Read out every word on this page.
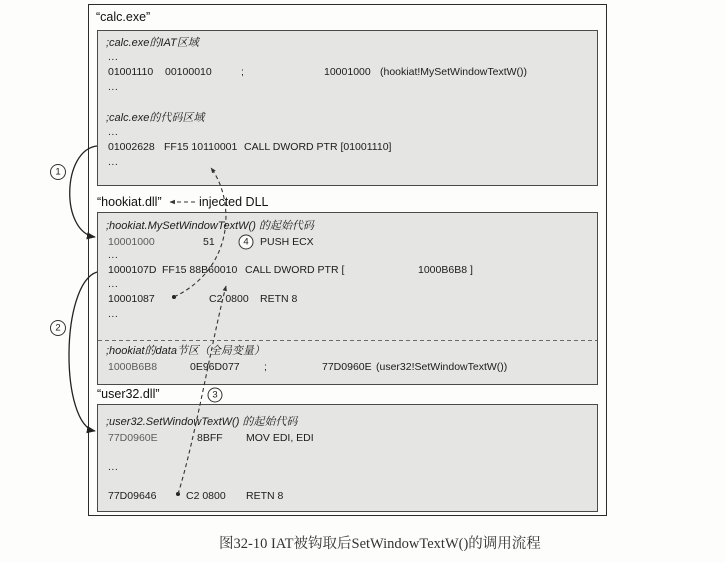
“calc.exe”
;calc.exe的IAT区域
...
01001110 00100010	;	10001000 (hookiat!MySetWindowTextW())
...
;calc.exe的代码区域
...
01002628 FF15 10110001 CALL DWORD PTR [01001110]
...
“hookiat.dll”	injected DLL
;hookiat.MySetWindowTextW() 的起始代码
10001000	51	PUSH ECX
...
1000107D FF15 88B60010 CALL DWORD PTR [	1000B6B8 ]
...
10001087	C2 0800 RETN 8
...
;hookiat的data节区（全局变量）
1000B6B8	0E96D077 ;	77D0960E (user32!SetWindowTextW())
“user32.dll”
;user32.SetWindowTextW() 的起始代码
77D0960E	8BFF MOV EDI, EDI
...
77D09646	C2 0800 RETN 8
1
2
3
4
图32-10 IAT被钩取后SetWindowTextW()的调用流程
